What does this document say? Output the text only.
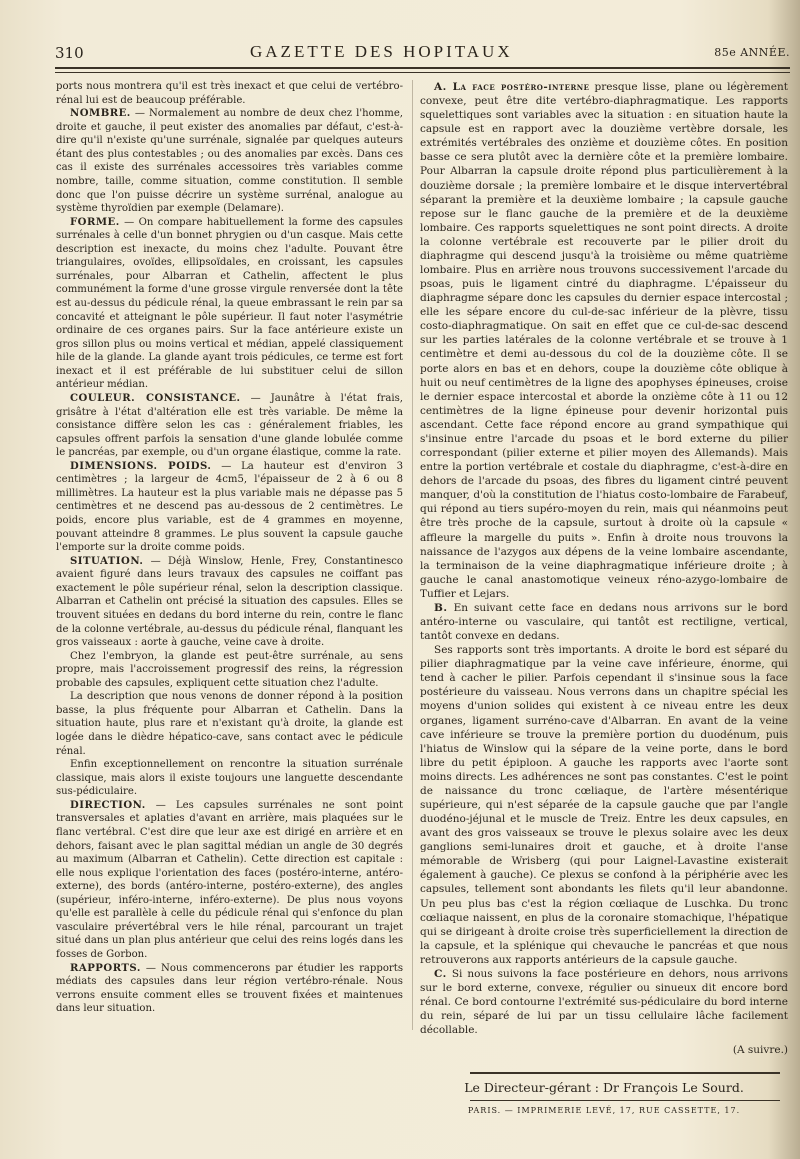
310	GAZETTE DES HOPITAUX	85e ANNÉE.

ports nous montrera qu'il est très inexact et que celui de vertébro-rénal lui est de beaucoup préférable.

NOMBRE. — Normalement au nombre de deux chez l'homme, droite et gauche, il peut exister des anomalies par défaut, c'est-à-dire qu'il n'existe qu'une surrénale, signalée par quelques auteurs étant des plus contestables ; ou des anomalies par excès. Dans ces cas il existe des surrénales accessoires très variables comme nombre, taille, comme situation, comme constitution. Il semble donc que l'on puisse décrire un système surrénal, analogue au système thyroïdien par exemple (Delamare).

FORME. — On compare habituellement la forme des capsules surrénales à celle d'un bonnet phrygien ou d'un casque. Mais cette description est inexacte, du moins chez l'adulte. Pouvant être triangulaires, ovoïdes, ellipsoïdales, en croissant, les capsules surrénales, pour Albarran et Cathelin, affectent le plus communément la forme d'une grosse virgule renversée dont la tête est au-dessus du pédicule rénal, la queue embrassant le rein par sa concavité et atteignant le pôle supérieur. Il faut noter l'asymétrie ordinaire de ces organes pairs. Sur la face antérieure existe un gros sillon plus ou moins vertical et médian, appelé classiquement hile de la glande. La glande ayant trois pédicules, ce terme est fort inexact et il est préférable de lui substituer celui de sillon antérieur médian.

COULEUR. CONSISTANCE. — Jaunâtre à l'état frais, grisâtre à l'état d'altération elle est très variable. De même la consistance diffère selon les cas : généralement friables, les capsules offrent parfois la sensation d'une glande lobulée comme le pancréas, par exemple, ou d'un organe élastique, comme la rate.

DIMENSIONS. POIDS. — La hauteur est d'environ 3 centimètres ; la largeur de 4cm5, l'épaisseur de 2 à 6 ou 8 millimètres. La hauteur est la plus variable mais ne dépasse pas 5 centimètres et ne descend pas au-dessous de 2 centimètres. Le poids, encore plus variable, est de 4 grammes en moyenne, pouvant atteindre 8 grammes. Le plus souvent la capsule gauche l'emporte sur la droite comme poids.

SITUATION. — Déjà Winslow, Henle, Frey, Constantinesco avaient figuré dans leurs travaux des capsules ne coiffant pas exactement le pôle supérieur rénal, selon la description classique. Albarran et Cathelin ont précisé la situation des capsules. Elles se trouvent situées en dedans du bord interne du rein, contre le flanc de la colonne vertébrale, au-dessus du pédicule rénal, flanquant les gros vaisseaux : aorte à gauche, veine cave à droite.

Chez l'embryon, la glande est peut-être surrénale, au sens propre, mais l'accroissement progressif des reins, la régression probable des capsules, expliquent cette situation chez l'adulte.

La description que nous venons de donner répond à la position basse, la plus fréquente pour Albarran et Cathelin. Dans la situation haute, plus rare et n'existant qu'à droite, la glande est logée dans le dièdre hépatico-cave, sans contact avec le pédicule rénal.

Enfin exceptionnellement on rencontre la situation surrénale classique, mais alors il existe toujours une languette descendante sus-pédiculaire.

DIRECTION. — Les capsules surrénales ne sont point transversales et aplaties d'avant en arrière, mais plaquées sur le flanc vertébral. C'est dire que leur axe est dirigé en arrière et en dehors, faisant avec le plan sagittal médian un angle de 30 degrés au maximum (Albarran et Cathelin). Cette direction est capitale : elle nous explique l'orientation des faces (postéro-interne, antéro-externe), des bords (antéro-interne, postéro-externe), des angles (supérieur, inféro-interne, inféro-externe). De plus nous voyons qu'elle est parallèle à celle du pédicule rénal qui s'enfonce du plan vasculaire prévertébral vers le hile rénal, parcourant un trajet situé dans un plan plus antérieur que celui des reins logés dans les fosses de Gorbon.

RAPPORTS. — Nous commencerons par étudier les rapports médiats des capsules dans leur région vertébro-rénale. Nous verrons ensuite comment elles se trouvent fixées et maintenues dans leur situation.

A. La face postéro-interne presque lisse, plane ou légèrement convexe, peut être dite vertébro-diaphragmatique. Les rapports squelettiques sont variables avec la situation : en situation haute la capsule est en rapport avec la douzième vertèbre dorsale, les extrémités vertébrales des onzième et douzième côtes. En position basse ce sera plutôt avec la dernière côte et la première lombaire. Pour Albarran la capsule droite répond plus particulièrement à la douzième dorsale ; la première lombaire et le disque intervertébral séparant la première et la deuxième lombaire ; la capsule gauche repose sur le flanc gauche de la première et de la deuxième lombaire. Ces rapports squelettiques ne sont point directs. A droite la colonne vertébrale est recouverte par le pilier droit du diaphragme qui descend jusqu'à la troisième ou même quatrième lombaire. Plus en arrière nous trouvons successivement l'arcade du psoas, puis le ligament cintré du diaphragme. L'épaisseur du diaphragme sépare donc les capsules du dernier espace intercostal ; elle les sépare encore du cul-de-sac inférieur de la plèvre, tissu costo-diaphragmatique. On sait en effet que ce cul-de-sac descend sur les parties latérales de la colonne vertébrale et se trouve à 1 centimètre et demi au-dessous du col de la douzième côte. Il se porte alors en bas et en dehors, coupe la douzième côte oblique à huit ou neuf centimètres de la ligne des apophyses épineuses, croise le dernier espace intercostal et aborde la onzième côte à 11 ou 12 centimètres de la ligne épineuse pour devenir horizontal puis ascendant. Cette face répond encore au grand sympathique qui s'insinue entre l'arcade du psoas et le bord externe du pilier correspondant (pilier externe et pilier moyen des Allemands). Mais entre la portion vertébrale et costale du diaphragme, c'est-à-dire en dehors de l'arcade du psoas, des fibres du ligament cintré peuvent manquer, d'où la constitution de l'hiatus costo-lombaire de Farabeuf, qui répond au tiers supéro-moyen du rein, mais qui néanmoins peut être très proche de la capsule, surtout à droite où la capsule « affleure la margelle du puits ». Enfin à droite nous trouvons la naissance de l'azygos aux dépens de la veine lombaire ascendante, la terminaison de la veine diaphragmatique inférieure droite ; à gauche le canal anastomotique veineux réno-azygo-lombaire de Tuffier et Lejars.

B. En suivant cette face en dedans nous arrivons sur le bord antéro-interne ou vasculaire, qui tantôt est rectiligne, vertical, tantôt convexe en dedans.

Ses rapports sont très importants. A droite le bord est séparé du pilier diaphragmatique par la veine cave inférieure, énorme, qui tend à cacher le pilier. Parfois cependant il s'insinue sous la face postérieure du vaisseau. Nous verrons dans un chapitre spécial les moyens d'union solides qui existent à ce niveau entre les deux organes, ligament surréno-cave d'Albarran. En avant de la veine cave inférieure se trouve la première portion du duodénum, puis l'hiatus de Winslow qui la sépare de la veine porte, dans le bord libre du petit épiploon. A gauche les rapports avec l'aorte sont moins directs. Les adhérences ne sont pas constantes. C'est le point de naissance du tronc cœliaque, de l'artère mésentérique supérieure, qui n'est séparée de la capsule gauche que par l'angle duodéno-jéjunal et le muscle de Treiz. Entre les deux capsules, en avant des gros vaisseaux se trouve le plexus solaire avec les deux ganglions semi-lunaires droit et gauche, et à droite l'anse mémorable de Wrisberg (qui pour Laignel-Lavastine existerait également à gauche). Ce plexus se confond à la périphérie avec les capsules, tellement sont abondants les filets qu'il leur abandonne. Un peu plus bas c'est la région cœliaque de Luschka. Du tronc cœliaque naissent, en plus de la coronaire stomachique, l'hépatique qui se dirigeant à droite croise très superficiellement la direction de la capsule, et la splénique qui chevauche le pancréas et que nous retrouverons aux rapports antérieurs de la capsule gauche.

C. Si nous suivons la face postérieure en dehors, nous arrivons sur le bord externe, convexe, régulier ou sinueux dit encore bord rénal. Ce bord contourne l'extrémité sus-pédiculaire du bord interne du rein, séparé de lui par un tissu cellulaire lâche facilement décollable.

(A suivre.)

Le Directeur-gérant : Dr François Le Sourd.
PARIS. — IMPRIMERIE LEVÉ, 17, RUE CASSETTE, 17.
